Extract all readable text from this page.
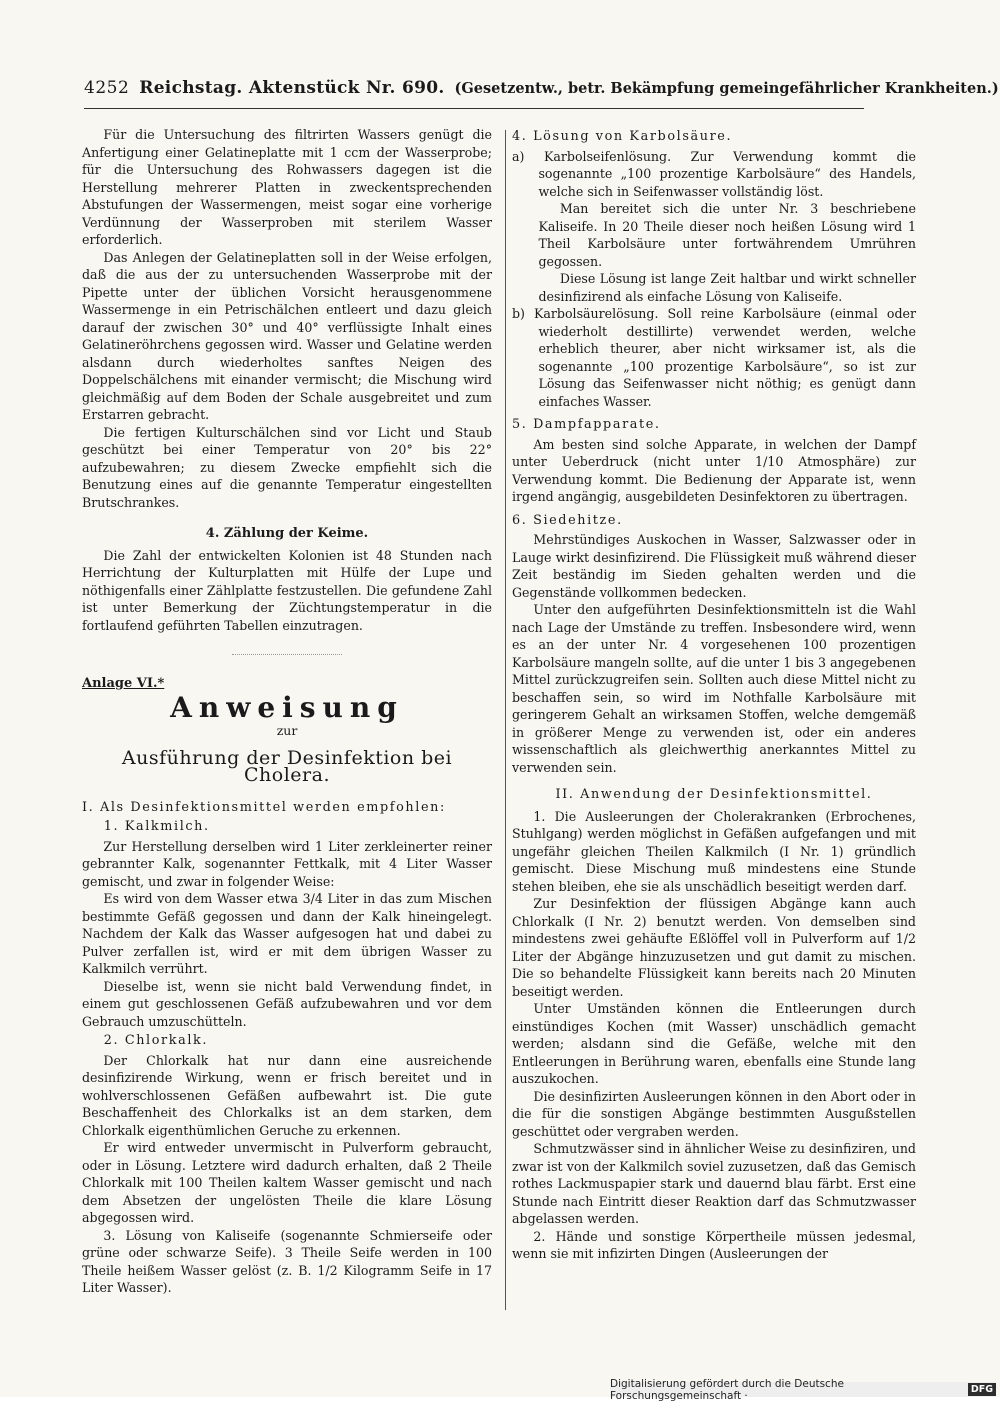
4252 Reichstag. Aktenstück Nr. 690. (Gesetzentw., betr. Bekämpfung gemeingefährlicher Krankheiten.)

Für die Untersuchung des filtrirten Wassers genügt die Anfertigung einer Gelatineplatte mit 1 ccm der Wasserprobe; für die Untersuchung des Rohwassers dagegen ist die Herstellung mehrerer Platten in zweckentsprechenden Abstufungen der Wassermengen, meist sogar eine vorherige Verdünnung der Wasserproben mit sterilem Wasser erforderlich.

Das Anlegen der Gelatineplatten soll in der Weise erfolgen, daß die aus der zu untersuchenden Wasserprobe mit der Pipette unter der üblichen Vorsicht herausgenommene Wassermenge in ein Petrischälchen entleert und dazu gleich darauf der zwischen 30° und 40° verflüssigte Inhalt eines Gelatineröhrchens gegossen wird. Wasser und Gelatine werden alsdann durch wiederholtes sanftes Neigen des Doppelschälchens mit einander vermischt; die Mischung wird gleichmäßig auf dem Boden der Schale ausgebreitet und zum Erstarren gebracht.

Die fertigen Kulturschälchen sind vor Licht und Staub geschützt bei einer Temperatur von 20° bis 22° aufzubewahren; zu diesem Zwecke empfiehlt sich die Benutzung eines auf die genannte Temperatur eingestellten Brutschrankes.

4. Zählung der Keime.

Die Zahl der entwickelten Kolonien ist 48 Stunden nach Herrichtung der Kulturplatten mit Hülfe der Lupe und nöthigenfalls einer Zählplatte festzustellen. Die gefundene Zahl ist unter Bemerkung der Züchtungstemperatur in die fortlaufend geführten Tabellen einzutragen.

Anlage VI.*
Anweisung
zur
Ausführung der Desinfektion bei Cholera.
I. Als Desinfektionsmittel werden empfohlen:
1. Kalkmilch.

Zur Herstellung derselben wird 1 Liter zerkleinerter reiner gebrannter Kalk, sogenannter Fettkalk, mit 4 Liter Wasser gemischt, und zwar in folgender Weise:

Es wird von dem Wasser etwa 3/4 Liter in das zum Mischen bestimmte Gefäß gegossen und dann der Kalk hineingelegt. Nachdem der Kalk das Wasser aufgesogen hat und dabei zu Pulver zerfallen ist, wird er mit dem übrigen Wasser zu Kalkmilch verrührt.

Dieselbe ist, wenn sie nicht bald Verwendung findet, in einem gut geschlossenen Gefäß aufzubewahren und vor dem Gebrauch umzuschütteln.

2. Chlorkalk.

Der Chlorkalk hat nur dann eine ausreichende desinfizirende Wirkung, wenn er frisch bereitet und in wohlverschlossenen Gefäßen aufbewahrt ist. Die gute Beschaffenheit des Chlorkalks ist an dem starken, dem Chlorkalk eigenthümlichen Geruche zu erkennen.

Er wird entweder unvermischt in Pulverform gebraucht, oder in Lösung. Letztere wird dadurch erhalten, daß 2 Theile Chlorkalk mit 100 Theilen kaltem Wasser gemischt und nach dem Absetzen der ungelösten Theile die klare Lösung abgegossen wird.

3. Lösung von Kaliseife (sogenannte Schmierseife oder grüne oder schwarze Seife). 3 Theile Seife werden in 100 Theile heißem Wasser gelöst (z. B. 1/2 Kilogramm Seife in 17 Liter Wasser).

4. Lösung von Karbolsäure.

a) Karbolseifenlösung. Zur Verwendung kommt die sogenannte „100 prozentige Karbolsäure“ des Handels, welche sich in Seifenwasser vollständig löst.

Man bereitet sich die unter Nr. 3 beschriebene Kaliseife. In 20 Theile dieser noch heißen Lösung wird 1 Theil Karbolsäure unter fortwährendem Umrühren gegossen.

Diese Lösung ist lange Zeit haltbar und wirkt schneller desinfizirend als einfache Lösung von Kaliseife.

b) Karbolsäurelösung. Soll reine Karbolsäure (einmal oder wiederholt destillirte) verwendet werden, welche erheblich theurer, aber nicht wirksamer ist, als die sogenannte „100 prozentige Karbolsäure“, so ist zur Lösung das Seifenwasser nicht nöthig; es genügt dann einfaches Wasser.

5. Dampfapparate.

Am besten sind solche Apparate, in welchen der Dampf unter Ueberdruck (nicht unter 1/10 Atmosphäre) zur Verwendung kommt. Die Bedienung der Apparate ist, wenn irgend angängig, ausgebildeten Desinfektoren zu übertragen.

6. Siedehitze.

Mehrstündiges Auskochen in Wasser, Salzwasser oder in Lauge wirkt desinfizirend. Die Flüssigkeit muß während dieser Zeit beständig im Sieden gehalten werden und die Gegenstände vollkommen bedecken.

Unter den aufgeführten Desinfektionsmitteln ist die Wahl nach Lage der Umstände zu treffen. Insbesondere wird, wenn es an der unter Nr. 4 vorgesehenen 100 prozentigen Karbolsäure mangeln sollte, auf die unter 1 bis 3 angegebenen Mittel zurückzugreifen sein. Sollten auch diese Mittel nicht zu beschaffen sein, so wird im Nothfalle Karbolsäure mit geringerem Gehalt an wirksamen Stoffen, welche demgemäß in größerer Menge zu verwenden ist, oder ein anderes wissenschaftlich als gleichwerthig anerkanntes Mittel zu verwenden sein.

II. Anwendung der Desinfektionsmittel.

1. Die Ausleerungen der Cholerakranken (Erbrochenes, Stuhlgang) werden möglichst in Gefäßen aufgefangen und mit ungefähr gleichen Theilen Kalkmilch (I Nr. 1) gründlich gemischt. Diese Mischung muß mindestens eine Stunde stehen bleiben, ehe sie als unschädlich beseitigt werden darf.

Zur Desinfektion der flüssigen Abgänge kann auch Chlorkalk (I Nr. 2) benutzt werden. Von demselben sind mindestens zwei gehäufte Eßlöffel voll in Pulverform auf 1/2 Liter der Abgänge hinzuzusetzen und gut damit zu mischen. Die so behandelte Flüssigkeit kann bereits nach 20 Minuten beseitigt werden.

Unter Umständen können die Entleerungen durch einstündiges Kochen (mit Wasser) unschädlich gemacht werden; alsdann sind die Gefäße, welche mit den Entleerungen in Berührung waren, ebenfalls eine Stunde lang auszukochen.

Die desinfizirten Ausleerungen können in den Abort oder in die für die sonstigen Abgänge bestimmten Ausgußstellen geschüttet oder vergraben werden.

Schmutzwässer sind in ähnlicher Weise zu desinfiziren, und zwar ist von der Kalkmilch soviel zuzusetzen, daß das Gemisch rothes Lackmuspapier stark und dauernd blau färbt. Erst eine Stunde nach Eintritt dieser Reaktion darf das Schmutzwasser abgelassen werden.

2. Hände und sonstige Körpertheile müssen jedesmal, wenn sie mit infizirten Dingen (Ausleerungen der

Digitalisierung gefördert durch die Deutsche Forschungsgemeinschaft ·	DFG
